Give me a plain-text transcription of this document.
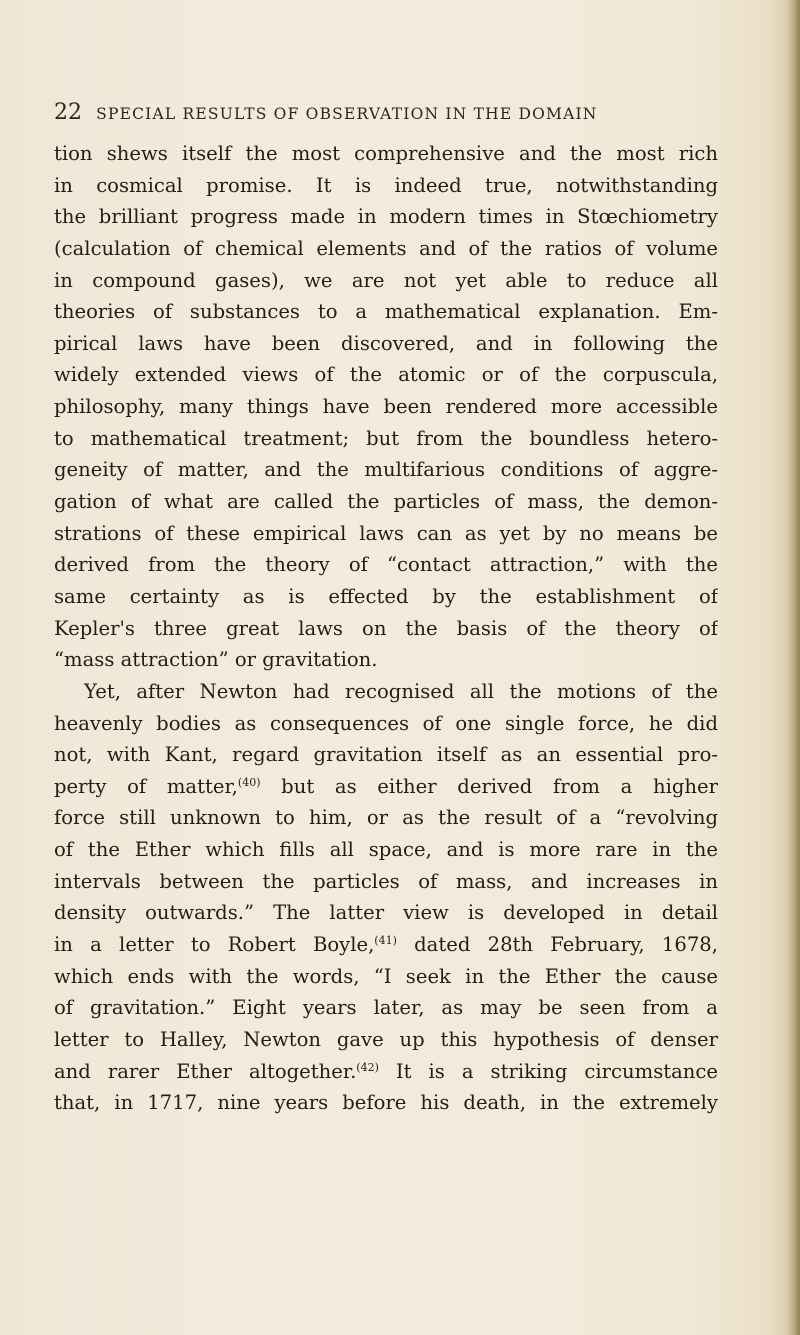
22 SPECIAL RESULTS OF OBSERVATION IN THE DOMAIN
tion shews itself the most comprehensive and the most rich
in cosmical promise. It is indeed true, notwithstanding
the brilliant progress made in modern times in Stœchiometry
(calculation of chemical elements and of the ratios of volume
in compound gases), we are not yet able to reduce all
theories of substances to a mathematical explanation. Em-
pirical laws have been discovered, and in following the
widely extended views of the atomic or of the corpuscula,
philosophy, many things have been rendered more accessible
to mathematical treatment; but from the boundless hetero-
geneity of matter, and the multifarious conditions of aggre-
gation of what are called the particles of mass, the demon-
strations of these empirical laws can as yet by no means be
derived from the theory of “contact attraction,” with the
same certainty as is effected by the establishment of
Kepler's three great laws on the basis of the theory of
“mass attraction” or gravitation.
Yet, after Newton had recognised all the motions of the
heavenly bodies as consequences of one single force, he did
not, with Kant, regard gravitation itself as an essential pro-
perty of matter,$^{(40)}$ but as either derived from a higher
force still unknown to him, or as the result of a “revolving
of the Ether which fills all space, and is more rare in the
intervals between the particles of mass, and increases in
density outwards.” The latter view is developed in detail
in a letter to Robert Boyle,$^{(41)}$ dated 28th February, 1678,
which ends with the words, “I seek in the Ether the cause
of gravitation.” Eight years later, as may be seen from a
letter to Halley, Newton gave up this hypothesis of denser
and rarer Ether altogether.$^{(42)}$ It is a striking circumstance
that, in 1717, nine years before his death, in the extremely
